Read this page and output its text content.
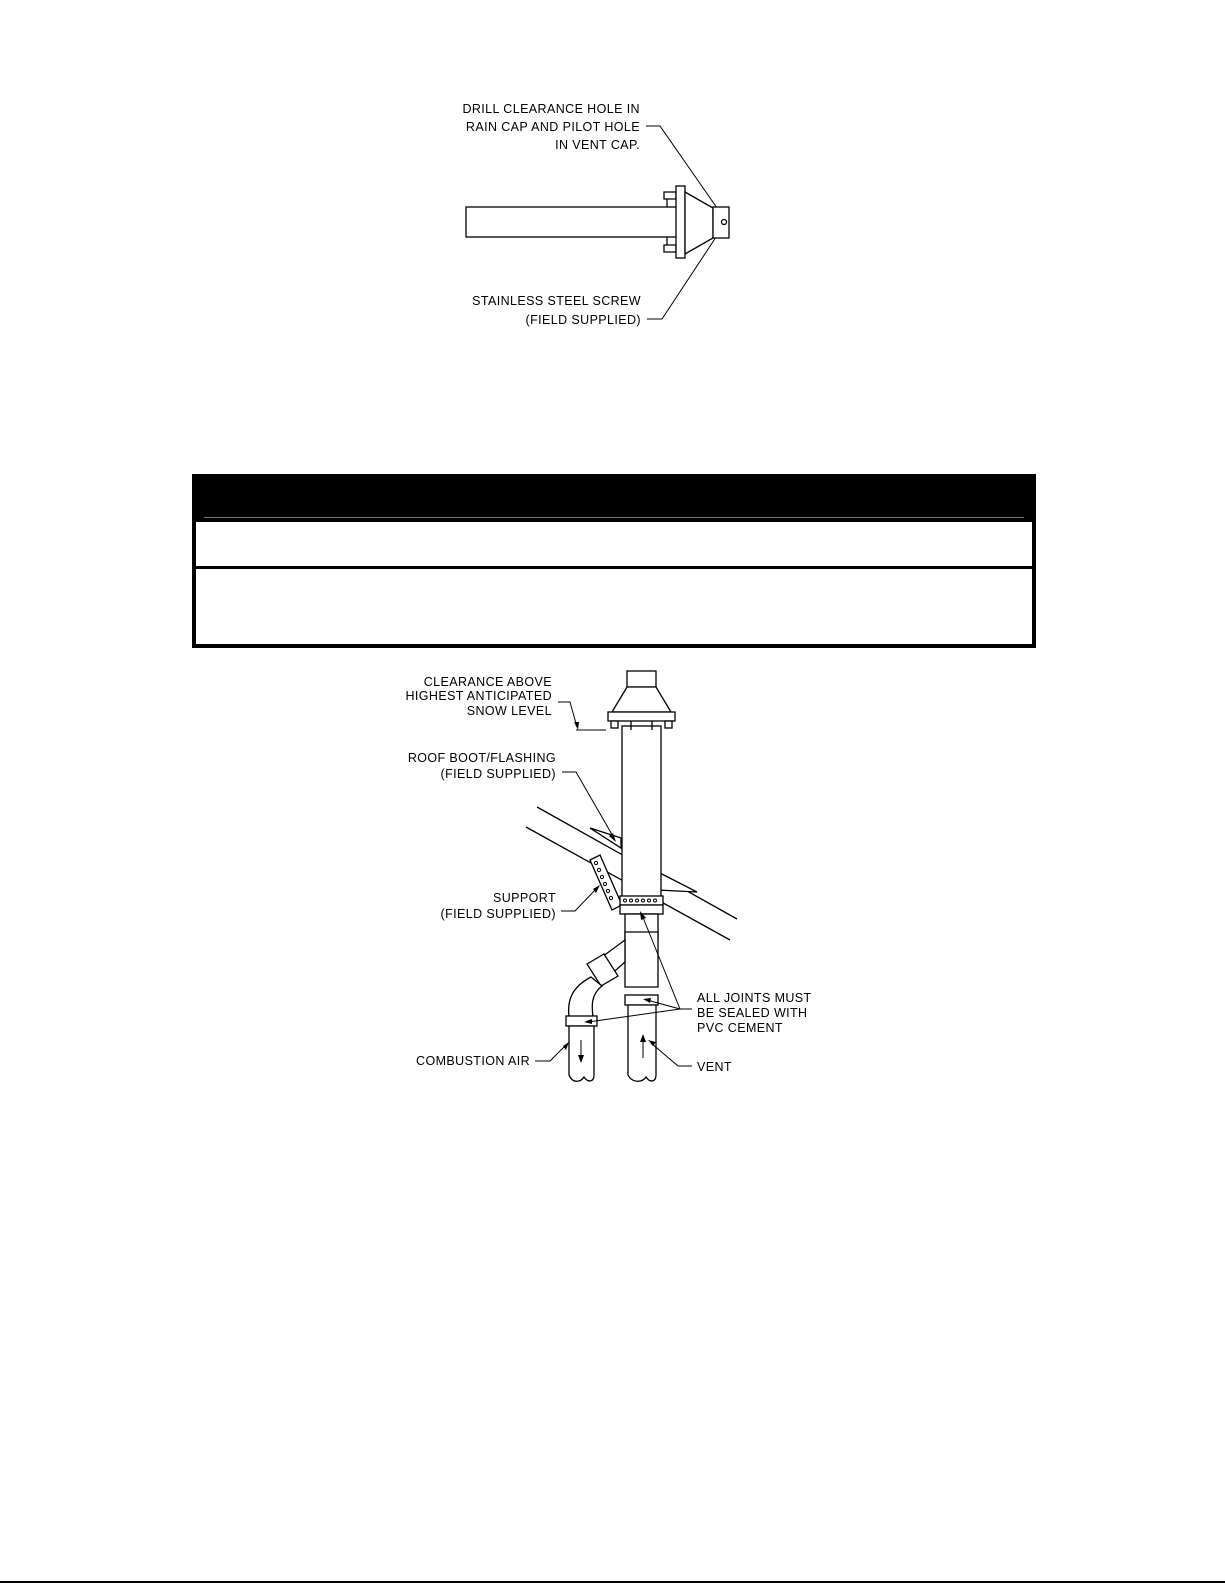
DRILL CLEARANCE HOLE IN
RAIN CAP AND PILOT HOLE
IN VENT CAP.
STAINLESS STEEL SCREW
(FIELD SUPPLIED)
CLEARANCE ABOVE
HIGHEST ANTICIPATED
SNOW LEVEL
ROOF BOOT/FLASHING
(FIELD SUPPLIED)
SUPPORT
(FIELD SUPPLIED)
ALL JOINTS MUST
BE SEALED WITH
PVC CEMENT
COMBUSTION AIR	VENT
